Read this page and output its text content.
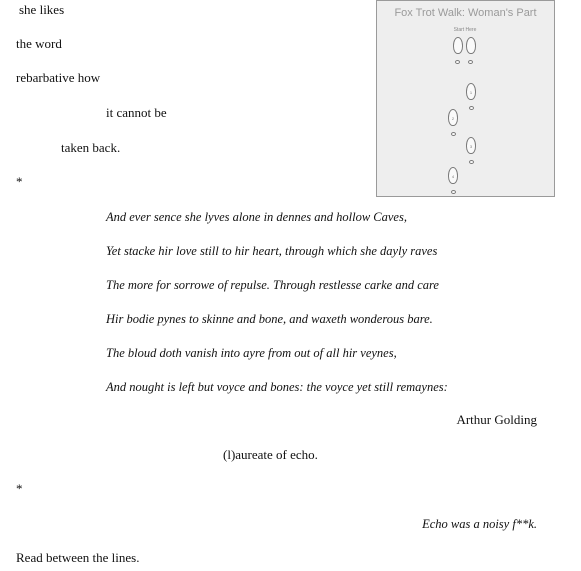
she likes
the word
rebarbative how
it cannot be
taken back.
*
And ever sence she lyves alone in dennes and hollow Caves,
Yet stacke hir love still to hir heart, through which she dayly raves
The more for sorrowe of repulse. Through restlesse carke and care
Hir bodie pynes to skinne and bone, and waxeth wonderous bare.
The bloud doth vanish into ayre from out of all hir veynes,
And nought is left but voyce and bones: the voyce yet still remaynes:
Arthur Golding
(l)aureate of echo.
*
Echo was a noisy f**k.
Read between the lines.
Fox Trot Walk: Woman's Part
Start Here
1
2
3
4
